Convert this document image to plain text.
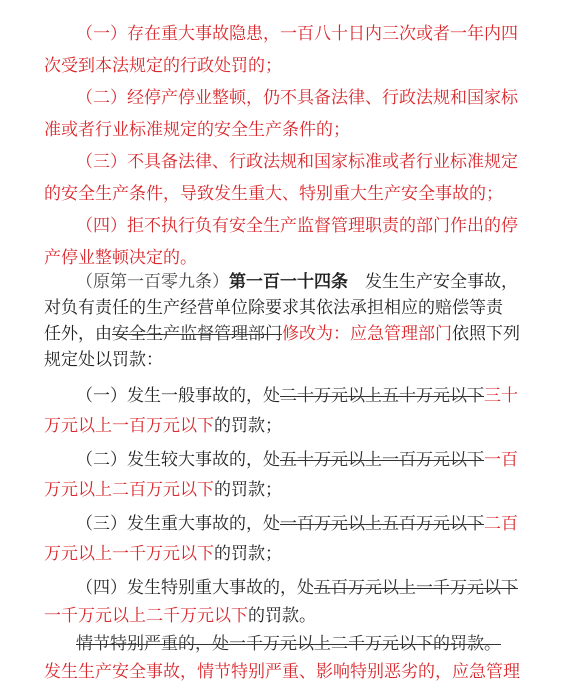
（一）存在重大事故隐患，一百八十日内三次或者一年内四
次受到本法规定的行政处罚的；
（二）经停产停业整顿，仍不具备法律、行政法规和国家标
准或者行业标准规定的安全生产条件的；
（三）不具备法律、行政法规和国家标准或者行业标准规定
的安全生产条件，导致发生重大、特别重大生产安全事故的；
（四）拒不执行负有安全生产监督管理职责的部门作出的停
产停业整顿决定的。
（原第一百零九条）第一百一十四条　发生生产安全事故，
对负有责任的生产经营单位除要求其依法承担相应的赔偿等责
任外，由安全生产监督管理部门修改为：应急管理部门依照下列
规定处以罚款：
（一）发生一般事故的，处二十万元以上五十万元以下三十
万元以上一百万元以下的罚款；
（二）发生较大事故的，处五十万元以上一百万元以下一百
万元以上二百万元以下的罚款；
（三）发生重大事故的，处一百万元以上五百万元以下二百
万元以上一千万元以下的罚款；
（四）发生特别重大事故的，处五百万元以上一千万元以下
一千万元以上二千万元以下的罚款。
情节特别严重的，处一千万元以上二千万元以下的罚款。
发生生产安全事故，情节特别严重、影响特别恶劣的，应急管理
